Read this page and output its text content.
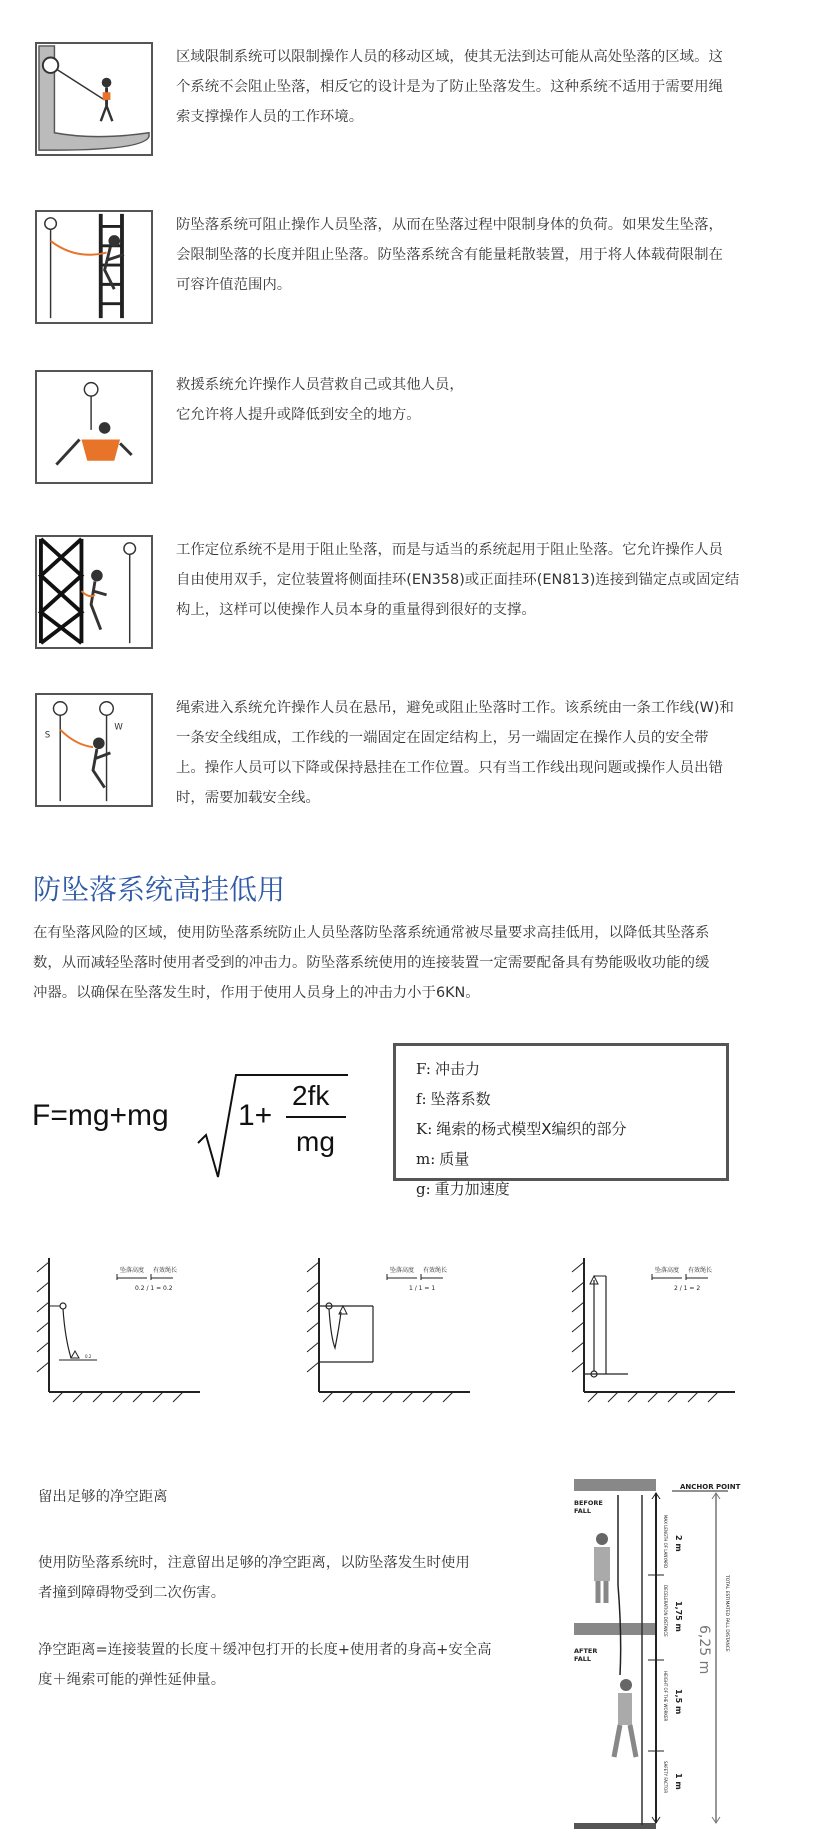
区域限制系统可以限制操作人员的移动区域，使其无法到达可能从高处坠落的区域。这
个系统不会阻止坠落，相反它的设计是为了防止坠落发生。这种系统不适用于需要用绳
索支撑操作人员的工作环境。
防坠落系统可阻止操作人员坠落，从而在坠落过程中限制身体的负荷。如果发生坠落，
会限制坠落的长度并阻止坠落。防坠落系统含有能量耗散装置，用于将人体载荷限制在
可容许值范围内。
救援系统允许操作人员营救自己或其他人员，
它允许将人提升或降低到安全的地方。
工作定位系统不是用于阻止坠落，而是与适当的系统起用于阻止坠落。它允许操作人员
自由使用双手，定位装置将侧面挂环(EN358)或正面挂环(EN813)连接到锚定点或固定结
构上，这样可以使操作人员本身的重量得到很好的支撑。
S
W
绳索进入系统允许操作人员在悬吊，避免或阻止坠落时工作。该系统由一条工作线(W)和
一条安全线组成，工作线的一端固定在固定结构上，另一端固定在操作人员的安全带
上。操作人员可以下降或保持悬挂在工作位置。只有当工作线出现问题或操作人员出错
时，需要加载安全线。
防坠落系统高挂低用
在有坠落风险的区域，使用防坠落系统防止人员坠落防坠落系统通常被尽量要求高挂低用，以降低其坠落系
数，从而减轻坠落时使用者受到的冲击力。防坠落系统使用的连接装置一定需要配备具有势能吸收功能的缓
冲器。以确保在坠落发生时，作用于使用人员身上的冲击力小于6KN。
F=mg+mg 1+
2fk
mg
F: 冲击力
f: 坠落系数
K: 绳索的杨式模型X编织的部分
m: 质量
g: 重力加速度
0.2
坠落高度 有效绳长
0.2 / 1 = 0.2
坠落高度 有效绳长
1 / 1 = 1
坠落高度 有效绳长
2 / 1 = 2
留出足够的净空距离
使用防坠落系统时，注意留出足够的净空距离，以防坠落发生时使用
者撞到障碍物受到二次伤害。
净空距离=连接装置的长度＋缓冲包打开的长度+使用者的身高+安全高
度＋绳索可能的弹性延伸量。
ANCHOR POINT
BEFORE
FALL
AFTER
FALL
2 m
1,75 m
1,5 m
1 m
MAX LENGTH OF LANYARD
DECELERATION DISTANCE
HEIGHT OF THE WORKER
SAFETY FACTOR
6,25 m	TOTAL ESTIMATED FALL DISTANCE
